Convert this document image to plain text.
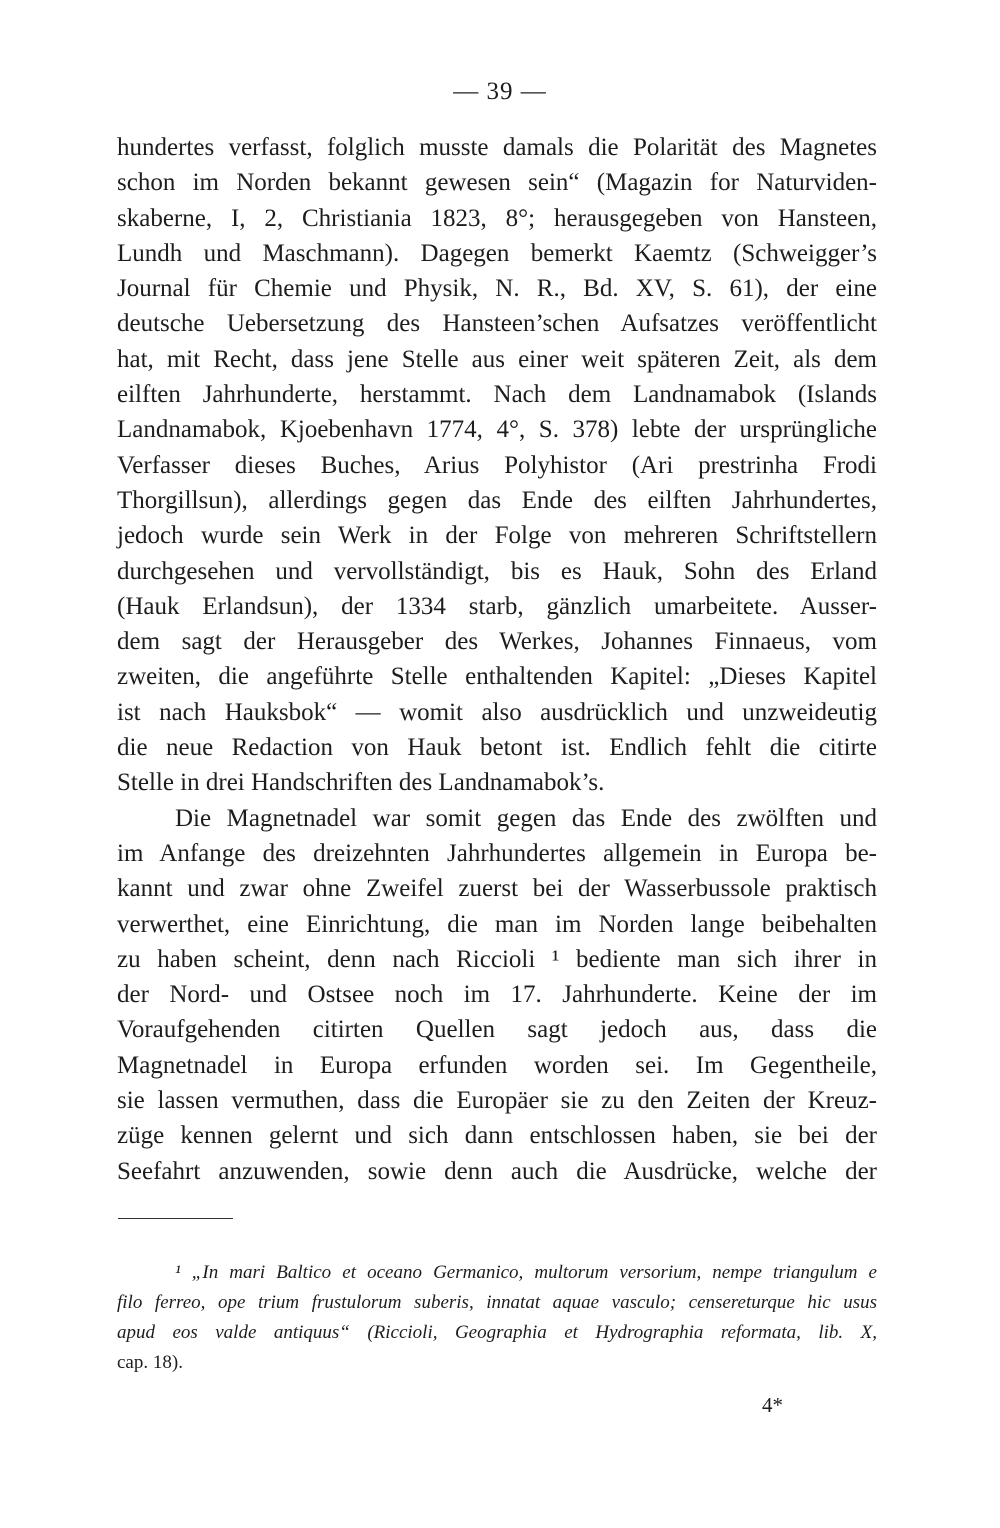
— 39 —
hundertes verfasst, folglich musste damals die Polarität des Magnetes
schon im Norden bekannt gewesen sein“ (Magazin for Naturviden-
skaberne, I, 2, Christiania 1823, 8°; herausgegeben von Hansteen,
Lundh und Maschmann). Dagegen bemerkt Kaemtz (Schweigger’s
Journal für Chemie und Physik, N. R., Bd. XV, S. 61), der eine
deutsche Uebersetzung des Hansteen’schen Aufsatzes veröffentlicht
hat, mit Recht, dass jene Stelle aus einer weit späteren Zeit, als dem
eilften Jahrhunderte, herstammt. Nach dem Landnamabok (Islands
Landnamabok, Kjoebenhavn 1774, 4°, S. 378) lebte der ursprüngliche
Verfasser dieses Buches, Arius Polyhistor (Ari prestrinha Frodi
Thorgillsun), allerdings gegen das Ende des eilften Jahrhundertes,
jedoch wurde sein Werk in der Folge von mehreren Schriftstellern
durchgesehen und vervollständigt, bis es Hauk, Sohn des Erland
(Hauk Erlandsun), der 1334 starb, gänzlich umarbeitete. Ausser-
dem sagt der Herausgeber des Werkes, Johannes Finnaeus, vom
zweiten, die angeführte Stelle enthaltenden Kapitel: „Dieses Kapitel
ist nach Hauksbok“ — womit also ausdrücklich und unzweideutig
die neue Redaction von Hauk betont ist. Endlich fehlt die citirte
Stelle in drei Handschriften des Landnamabok’s.
Die Magnetnadel war somit gegen das Ende des zwölften und
im Anfange des dreizehnten Jahrhundertes allgemein in Europa be-
kannt und zwar ohne Zweifel zuerst bei der Wasserbussole praktisch
verwerthet, eine Einrichtung, die man im Norden lange beibehalten
zu haben scheint, denn nach Riccioli ¹ bediente man sich ihrer in
der Nord- und Ostsee noch im 17. Jahrhunderte. Keine der im
Voraufgehenden citirten Quellen sagt jedoch aus, dass die
Magnetnadel in Europa erfunden worden sei. Im Gegentheile,
sie lassen vermuthen, dass die Europäer sie zu den Zeiten der Kreuz-
züge kennen gelernt und sich dann entschlossen haben, sie bei der
Seefahrt anzuwenden, sowie denn auch die Ausdrücke, welche der
¹ „In mari Baltico et oceano Germanico, multorum versorium, nempe triangulum e
filo ferreo, ope trium frustulorum suberis, innatat aquae vasculo; censereturque hic usus
apud eos valde antiquus“ (Riccioli, Geographia et Hydrographia reformata, lib. X,
cap. 18).
4*
